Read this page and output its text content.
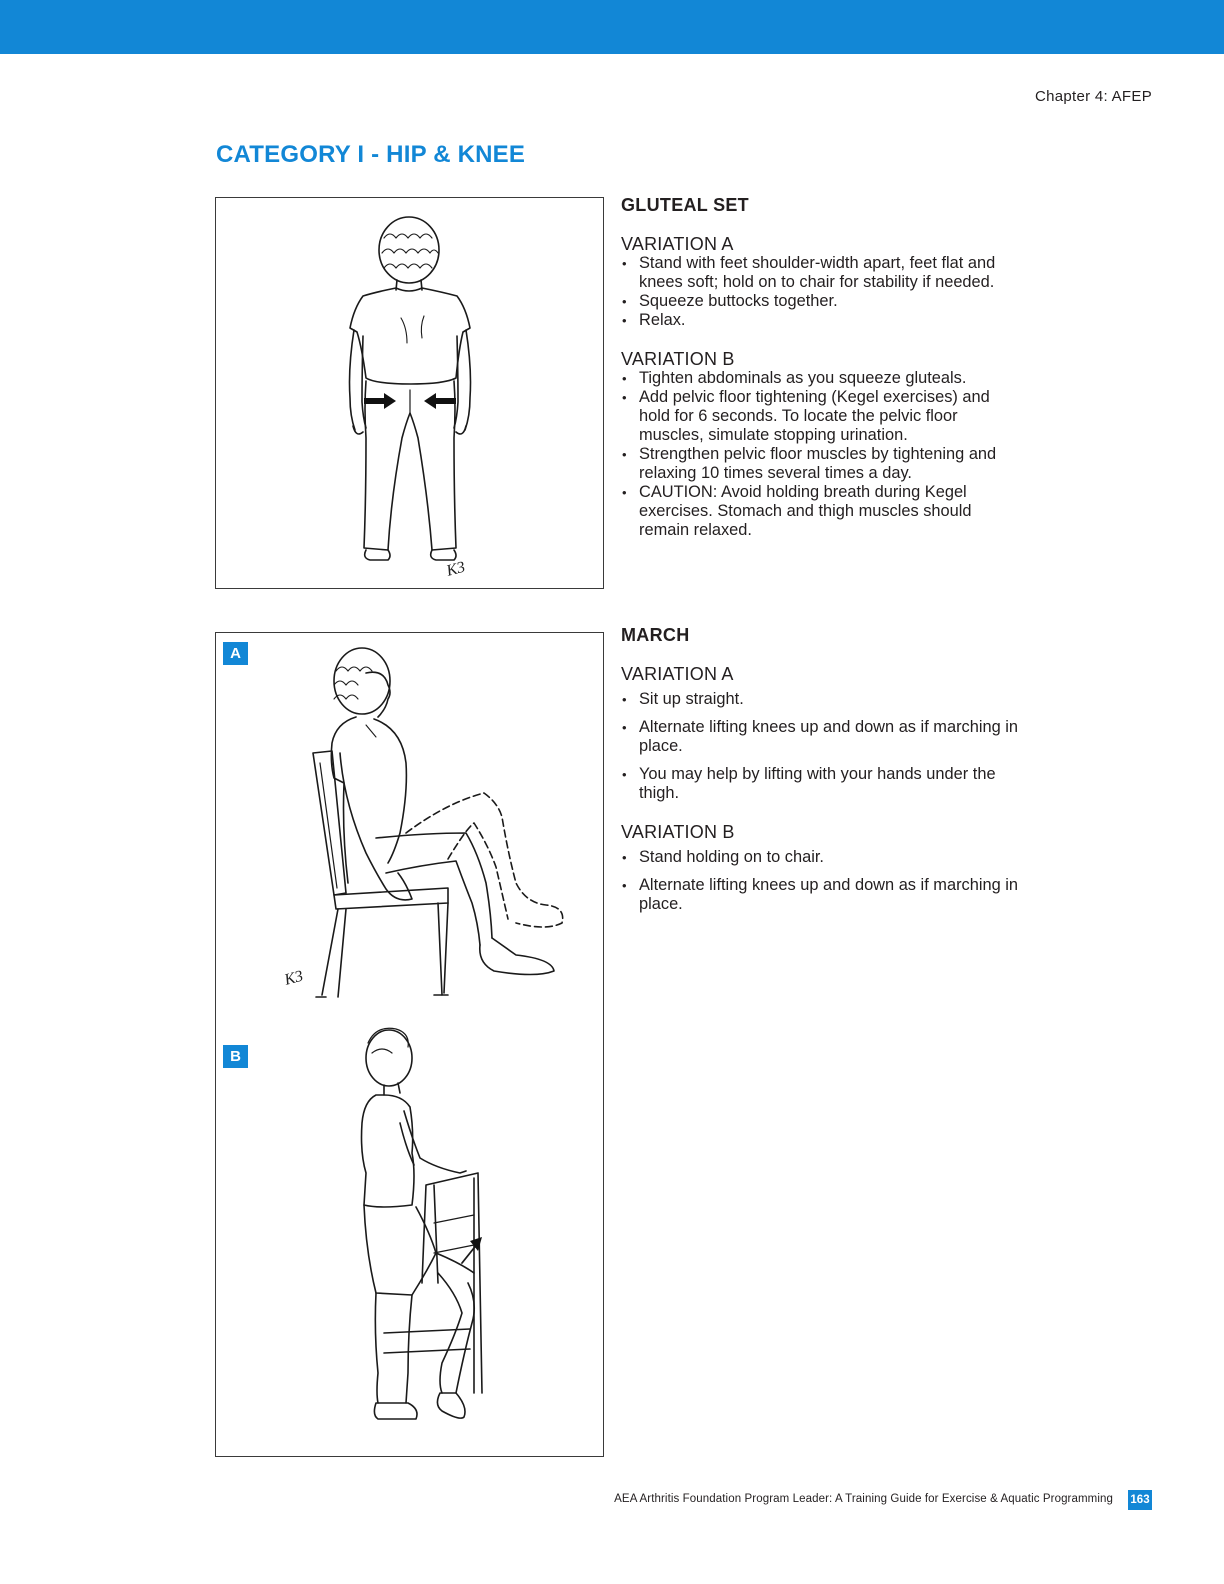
Chapter 4: AFEP
CATEGORY I - HIP & KNEE
K3
GLUTEAL SET
VARIATION A
• Stand with feet shoulder-width apart, feet flat and knees soft; hold on to chair for stability if needed.
• Squeeze buttocks together.
• Relax.
VARIATION B
• Tighten abdominals as you squeeze gluteals.
• Add pelvic floor tightening (Kegel exercises) and hold for 6 seconds. To locate the pelvic floor muscles, simulate stopping urination.
• Strengthen pelvic floor muscles by tightening and relaxing 10 times several times a day.
• CAUTION: Avoid holding breath during Kegel exercises. Stomach and thigh muscles should remain relaxed.
A
B
K3
MARCH
VARIATION A
• Sit up straight.
• Alternate lifting knees up and down as if marching in place.
• You may help by lifting with your hands under the thigh.
VARIATION B
• Stand holding on to chair.
• Alternate lifting knees up and down as if marching in place.
AEA Arthritis Foundation Program Leader: A Training Guide for Exercise & Aquatic Programming 163
